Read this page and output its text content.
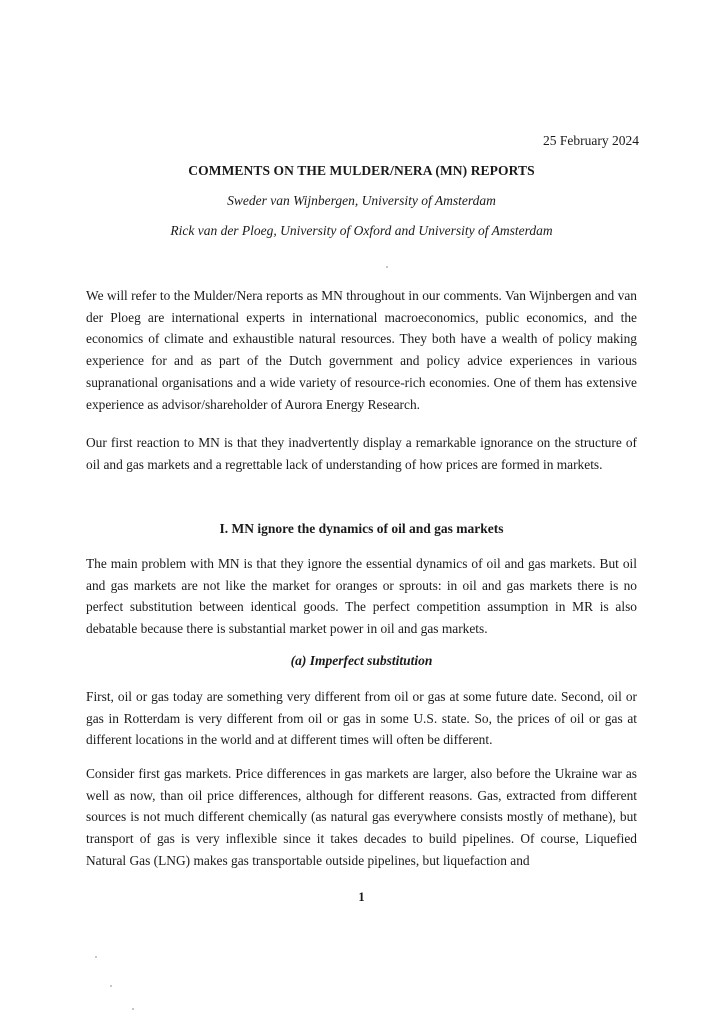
25 February 2024
COMMENTS ON THE MULDER/NERA (MN) REPORTS
Sweder van Wijnbergen, University of Amsterdam
Rick van der Ploeg, University of Oxford and University of Amsterdam

We will refer to the Mulder/Nera reports as MN throughout in our comments. Van Wijnbergen and van der Ploeg are international experts in international macroeconomics, public economics, and the economics of climate and exhaustible natural resources. They both have a wealth of policy making experience for and as part of the Dutch government and policy advice experiences in various supranational organisations and a wide variety of resource-rich economies. One of them has extensive experience as advisor/shareholder of Aurora Energy Research.

Our first reaction to MN is that they inadvertently display a remarkable ignorance on the structure of oil and gas markets and a regrettable lack of understanding of how prices are formed in markets.

I. MN ignore the dynamics of oil and gas markets

The main problem with MN is that they ignore the essential dynamics of oil and gas markets. But oil and gas markets are not like the market for oranges or sprouts: in oil and gas markets there is no perfect substitution between identical goods. The perfect competition assumption in MR is also debatable because there is substantial market power in oil and gas markets.

(a) Imperfect substitution

First, oil or gas today are something very different from oil or gas at some future date. Second, oil or gas in Rotterdam is very different from oil or gas in some U.S. state. So, the prices of oil or gas at different locations in the world and at different times will often be different.

Consider first gas markets. Price differences in gas markets are larger, also before the Ukraine war as well as now, than oil price differences, although for different reasons. Gas, extracted from different sources is not much different chemically (as natural gas everywhere consists mostly of methane), but transport of gas is very inflexible since it takes decades to build pipelines. Of course, Liquefied Natural Gas (LNG) makes gas transportable outside pipelines, but liquefaction and

1
